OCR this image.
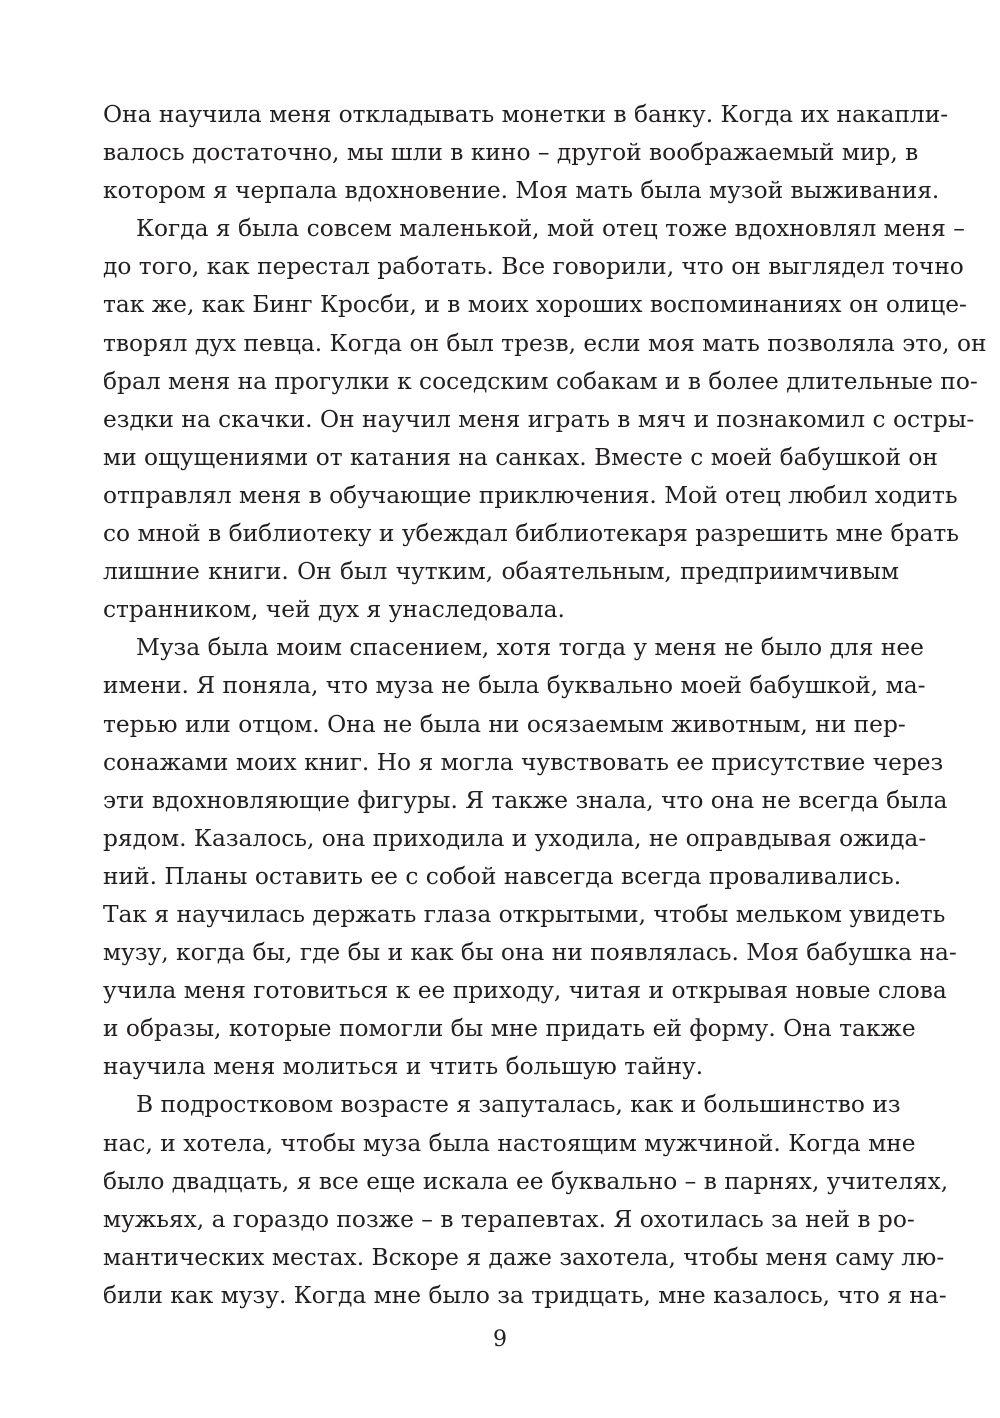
Она научила меня откладывать монетки в банку. Когда их накапли-
валось достаточно, мы шли в кино – другой воображаемый мир, в
котором я черпала вдохновение. Моя мать была музой выживания.
Когда я была совсем маленькой, мой отец тоже вдохновлял меня –
до того, как перестал работать. Все говорили, что он выглядел точно
так же, как Бинг Кросби, и в моих хороших воспоминаниях он олице-
творял дух певца. Когда он был трезв, если моя мать позволяла это, он
брал меня на прогулки к соседским собакам и в более длительные по-
ездки на скачки. Он научил меня играть в мяч и познакомил с остры-
ми ощущениями от катания на санках. Вместе с моей бабушкой он
отправлял меня в обучающие приключения. Мой отец любил ходить
со мной в библиотеку и убеждал библиотекаря разрешить мне брать
лишние книги. Он был чутким, обаятельным, предприимчивым
странником, чей дух я унаследовала.
Муза была моим спасением, хотя тогда у меня не было для нее
имени. Я поняла, что муза не была буквально моей бабушкой, ма-
терью или отцом. Она не была ни осязаемым животным, ни пер-
сонажами моих книг. Но я могла чувствовать ее присутствие через
эти вдохновляющие фигуры. Я также знала, что она не всегда была
рядом. Казалось, она приходила и уходила, не оправдывая ожида-
ний. Планы оставить ее с собой навсегда всегда проваливались.
Так я научилась держать глаза открытыми, чтобы мельком увидеть
музу, когда бы, где бы и как бы она ни появлялась. Моя бабушка на-
учила меня готовиться к ее приходу, читая и открывая новые слова
и образы, которые помогли бы мне придать ей форму. Она также
научила меня молиться и чтить большую тайну.
В подростковом возрасте я запуталась, как и большинство из
нас, и хотела, чтобы муза была настоящим мужчиной. Когда мне
было двадцать, я все еще искала ее буквально – в парнях, учителях,
мужьях, а гораздо позже – в терапевтах. Я охотилась за ней в ро-
мантических местах. Вскоре я даже захотела, чтобы меня саму лю-
били как музу. Когда мне было за тридцать, мне казалось, что я на-
9
